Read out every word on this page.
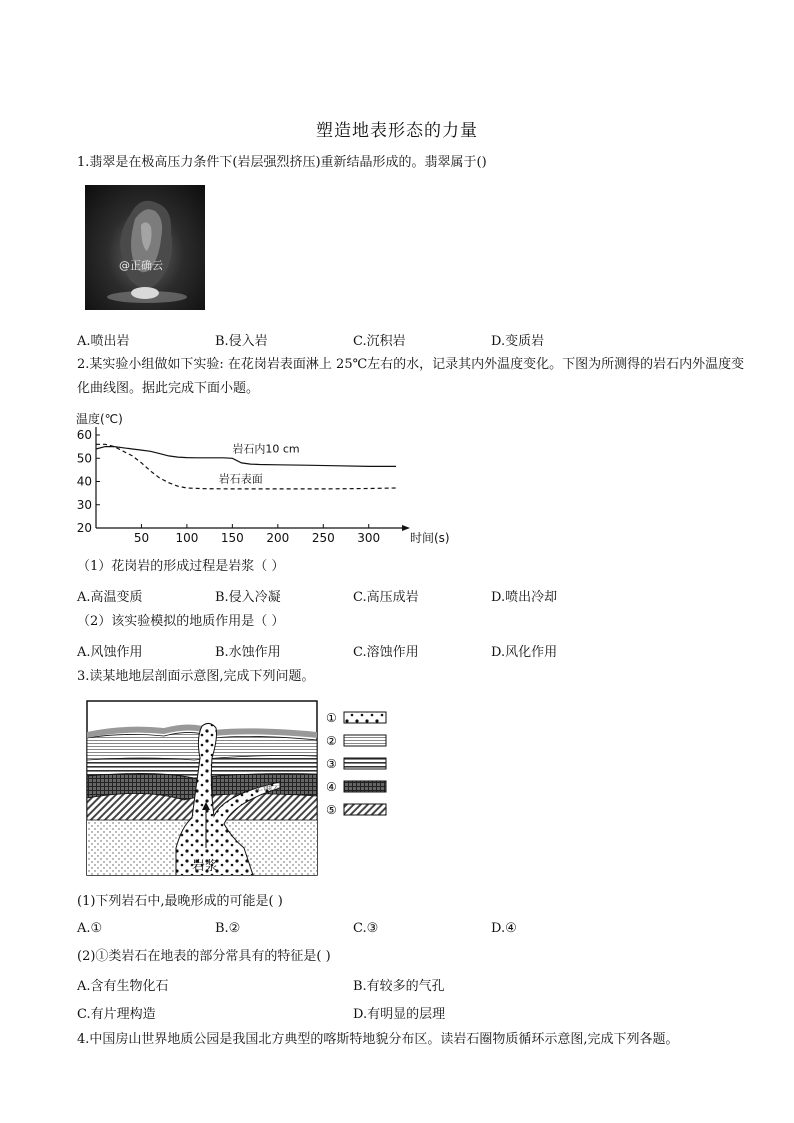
塑造地表形态的力量
1.翡翠是在极高压力条件下(岩层强烈挤压)重新结晶形成的。翡翠属于()
@正确云
A.喷出岩	B.侵入岩	C.沉积岩	D.变质岩
2.某实验小组做如下实验: 在花岗岩表面淋上 25℃左右的水，记录其内外温度变化。下图为所测得的岩石内外温度变化曲线图。据此完成下面小题。
20
30
40
50
60
50 100 150 200 250 300
温度(℃)
时间(s)
岩石内10 cm
岩石表面
（1）花岗岩的形成过程是岩浆（ ）
A.高温变质	B.侵入冷凝	C.高压成岩	D.喷出冷却
（2）该实验模拟的地质作用是（ ）
A.风蚀作用	B.水蚀作用	C.溶蚀作用	D.风化作用
3.读某地地层剖面示意图,完成下列问题。
岩浆
正确云
①
②
③
④
⑤
(1)下列岩石中,最晚形成的可能是( )
A.①	B.②	C.③	D.④
(2)①类岩石在地表的部分常具有的特征是( )
A.含有生物化石	B.有较多的气孔
C.有片理构造	D.有明显的层理
4.中国房山世界地质公园是我国北方典型的喀斯特地貌分布区。读岩石圈物质循环示意图,完成下列各题。
